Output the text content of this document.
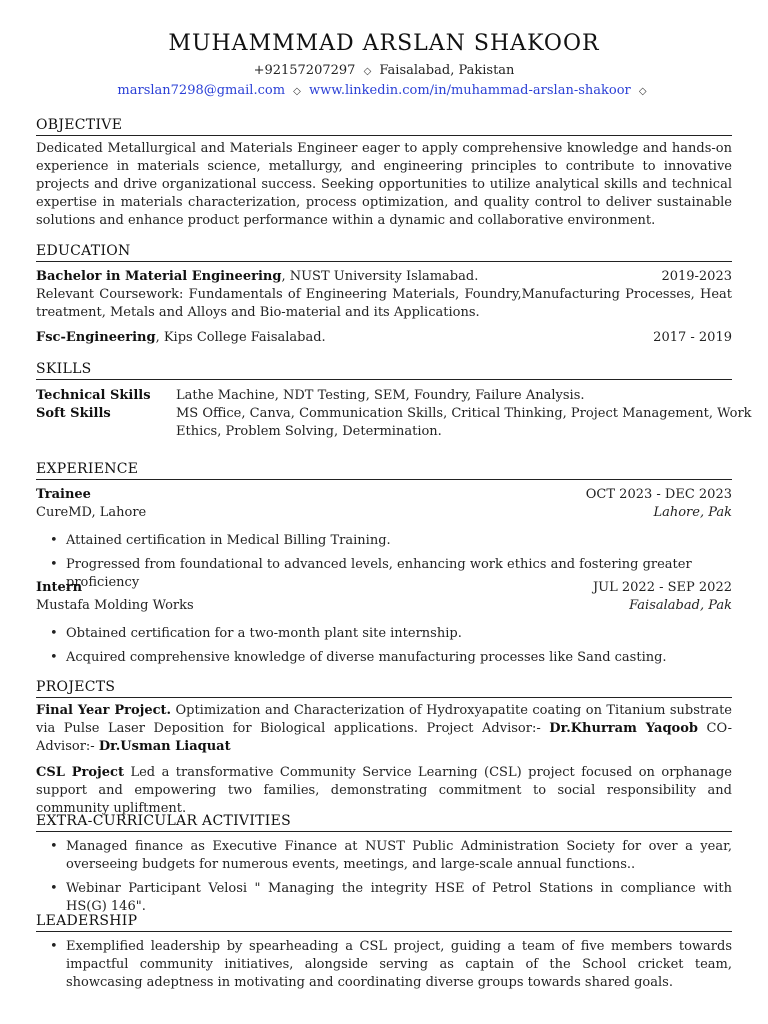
MUHAMMMAD ARSLAN SHAKOOR
+92157207297 ◇ Faisalabad, Pakistan
marslan7298@gmail.com ◇ www.linkedin.com/in/muhammad-arslan-shakoor ◇
OBJECTIVE
Dedicated Metallurgical and Materials Engineer eager to apply comprehensive knowledge and hands-on experience in materials science, metallurgy, and engineering principles to contribute to innovative projects and drive organizational success. Seeking opportunities to utilize analytical skills and technical expertise in materials characterization, process optimization, and quality control to deliver sustainable solutions and enhance product performance within a dynamic and collaborative environment.
EDUCATION
Bachelor in Material Engineering, NUST University Islamabad.	2019-2023
Relevant Coursework: Fundamentals of Engineering Materials, Foundry,Manufacturing Processes, Heat treatment, Metals and Alloys and Bio-material and its Applications.
Fsc-Engineering, Kips College Faisalabad.	2017 - 2019
SKILLS
Technical Skills	Lathe Machine, NDT Testing, SEM, Foundry, Failure Analysis.
Soft Skills	MS Office, Canva, Communication Skills, Critical Thinking, Project Management, Work Ethics, Problem Solving, Determination.
EXPERIENCE
Trainee	OCT 2023 - DEC 2023
CureMD, Lahore	Lahore, Pak
• Attained certification in Medical Billing Training.
• Progressed from foundational to advanced levels, enhancing work ethics and fostering greater proficiency
Intern	JUL 2022 - SEP 2022
Mustafa Molding Works	Faisalabad, Pak
• Obtained certification for a two-month plant site internship.
• Acquired comprehensive knowledge of diverse manufacturing processes like Sand casting.
PROJECTS
Final Year Project. Optimization and Characterization of Hydroxyapatite coating on Titanium substrate via Pulse Laser Deposition for Biological applications. Project Advisor:- Dr.Khurram Yaqoob CO-Advisor:- Dr.Usman Liaquat
CSL Project Led a transformative Community Service Learning (CSL) project focused on orphanage support and empowering two families, demonstrating commitment to social responsibility and community upliftment.
EXTRA-CURRICULAR ACTIVITIES
• Managed finance as Executive Finance at NUST Public Administration Society for over a year, overseeing budgets for numerous events, meetings, and large-scale annual functions..
• Webinar Participant Velosi " Managing the integrity HSE of Petrol Stations in compliance with HS(G) 146".
LEADERSHIP
• Exemplified leadership by spearheading a CSL project, guiding a team of five members towards impactful community initiatives, alongside serving as captain of the School cricket team, showcasing adeptness in motivating and coordinating diverse groups towards shared goals.
